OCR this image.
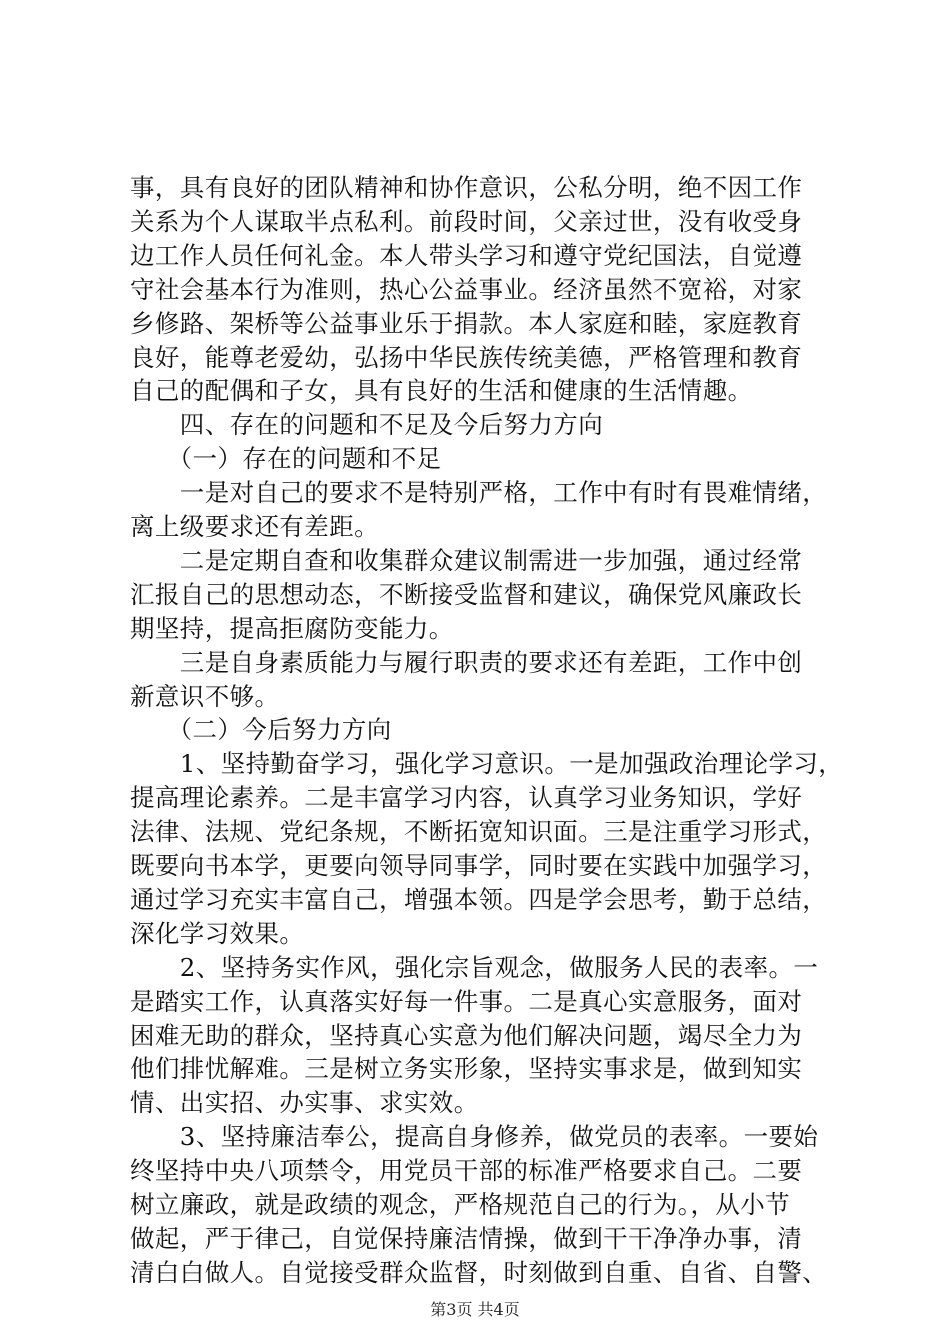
事，具有良好的团队精神和协作意识，公私分明，绝不因工作
关系为个人谋取半点私利。前段时间，父亲过世，没有收受身
边工作人员任何礼金。本人带头学习和遵守党纪国法，自觉遵
守社会基本行为准则，热心公益事业。经济虽然不宽裕，对家
乡修路、架桥等公益事业乐于捐款。本人家庭和睦，家庭教育
良好，能尊老爱幼，弘扬中华民族传统美德，严格管理和教育
自己的配偶和子女，具有良好的生活和健康的生活情趣。
　　四、存在的问题和不足及今后努力方向
　　（一）存在的问题和不足
　　一是对自己的要求不是特别严格，工作中有时有畏难情绪，
离上级要求还有差距。
　　二是定期自查和收集群众建议制需进一步加强，通过经常
汇报自己的思想动态，不断接受监督和建议，确保党风廉政长
期坚持，提高拒腐防变能力。
　　三是自身素质能力与履行职责的要求还有差距，工作中创
新意识不够。
　　（二）今后努力方向
　　1、坚持勤奋学习，强化学习意识。一是加强政治理论学习，
提高理论素养。二是丰富学习内容，认真学习业务知识，学好
法律、法规、党纪条规，不断拓宽知识面。三是注重学习形式，
既要向书本学，更要向领导同事学，同时要在实践中加强学习，
通过学习充实丰富自己，增强本领。四是学会思考，勤于总结，
深化学习效果。
　　2、坚持务实作风，强化宗旨观念，做服务人民的表率。一
是踏实工作，认真落实好每一件事。二是真心实意服务，面对
困难无助的群众，坚持真心实意为他们解决问题，竭尽全力为
他们排忧解难。三是树立务实形象，坚持实事求是，做到知实
情、出实招、办实事、求实效。
　　3、坚持廉洁奉公，提高自身修养，做党员的表率。一要始
终坚持中央八项禁令，用党员干部的标准严格要求自己。二要
树立廉政，就是政绩的观念，严格规范自己的行为。，从小节
做起，严于律己，自觉保持廉洁情操，做到干干净净办事，清
清白白做人。自觉接受群众监督，时刻做到自重、自省、自警、
第3页 共4页
